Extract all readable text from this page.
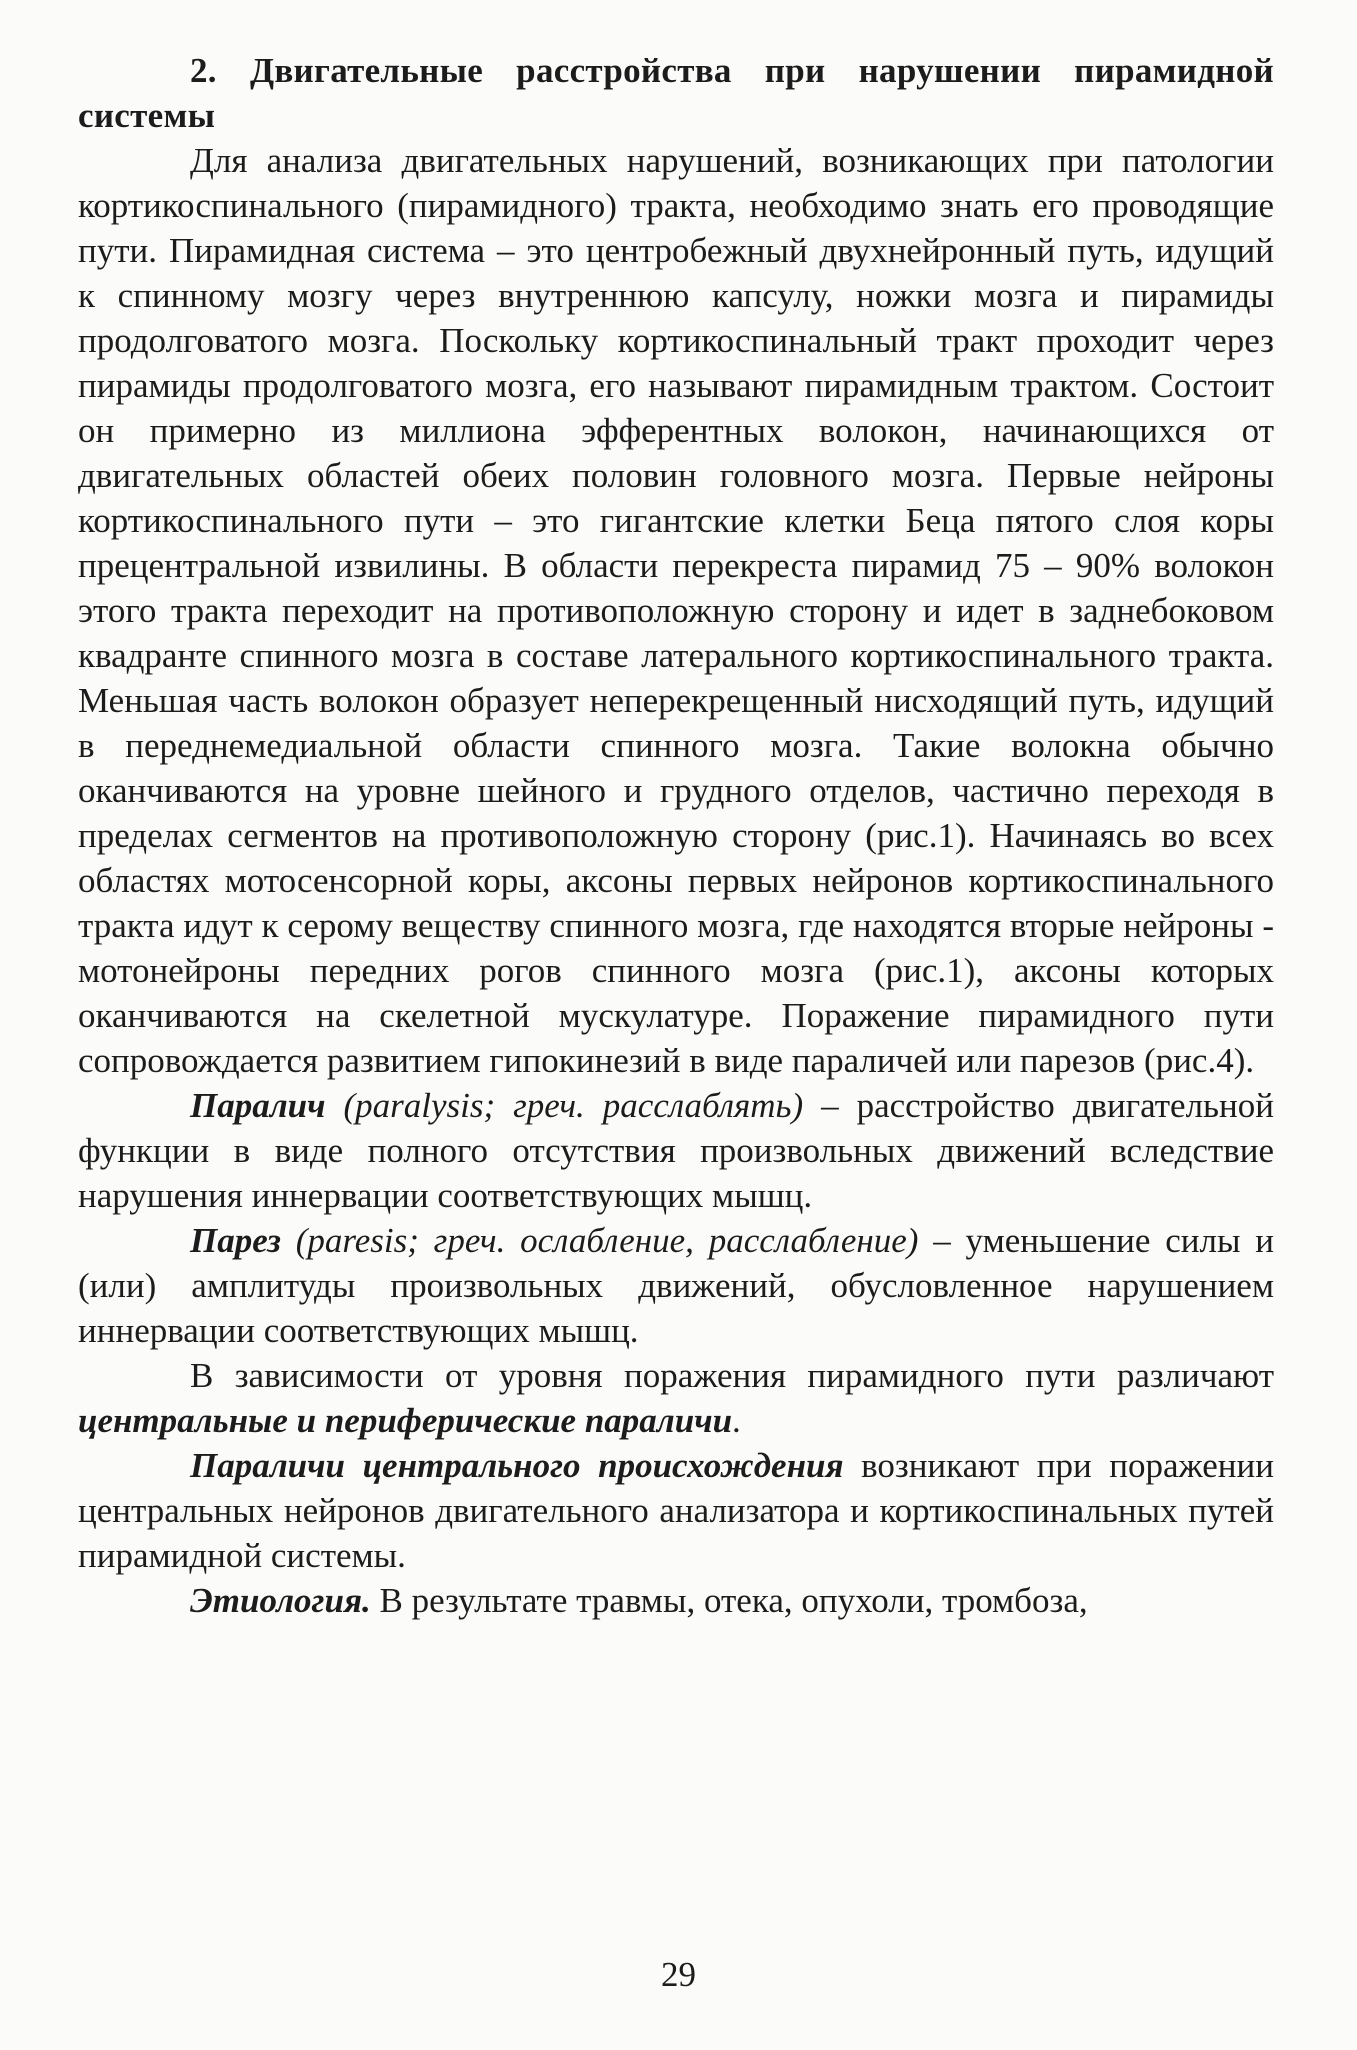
2. Двигательные расстройства при нарушении пирамидной системы

Для анализа двигательных нарушений, возникающих при патологии кортикоспинального (пирамидного) тракта, необходимо знать его проводящие пути. Пирамидная система – это центробежный двухнейронный путь, идущий к спинному мозгу через внутреннюю капсулу, ножки мозга и пирамиды продолговатого мозга. Поскольку кортикоспинальный тракт проходит через пирамиды продолговатого мозга, его называют пирамидным трактом. Состоит он примерно из миллиона эфферентных волокон, начинающихся от двигательных областей обеих половин головного мозга. Первые нейроны кортикоспинального пути – это гигантские клетки Беца пятого слоя коры прецентральной извилины. В области перекреста пирамид 75 – 90% волокон этого тракта переходит на противоположную сторону и идет в заднебоковом квадранте спинного мозга в составе латерального кортикоспинального тракта. Меньшая часть волокон образует неперекрещенный нисходящий путь, идущий в переднемедиальной области спинного мозга. Такие волокна обычно оканчиваются на уровне шейного и грудного отделов, частично переходя в пределах сегментов на противоположную сторону (рис.1). Начинаясь во всех областях мотосенсорной коры, аксоны первых нейронов кортикоспинального тракта идут к серому веществу спинного мозга, где находятся вторые нейроны - мотонейроны передних рогов спинного мозга (рис.1), аксоны которых оканчиваются на скелетной мускулатуре. Поражение пирамидного пути сопровождается развитием гипокинезий в виде параличей или парезов (рис.4).

Паралич (paralysis; греч. расслаблять) – расстройство двигательной функции в виде полного отсутствия произвольных движений вследствие нарушения иннервации соответствующих мышц.

Парез (paresis; греч. ослабление, расслабление) – уменьшение силы и (или) амплитуды произвольных движений, обусловленное нарушением иннервации соответствующих мышц.

В зависимости от уровня поражения пирамидного пути различают центральные и периферические параличи.

Параличи центрального происхождения возникают при поражении центральных нейронов двигательного анализатора и кортикоспинальных путей пирамидной системы.

Этиология. В результате травмы, отека, опухоли, тромбоза,

29
